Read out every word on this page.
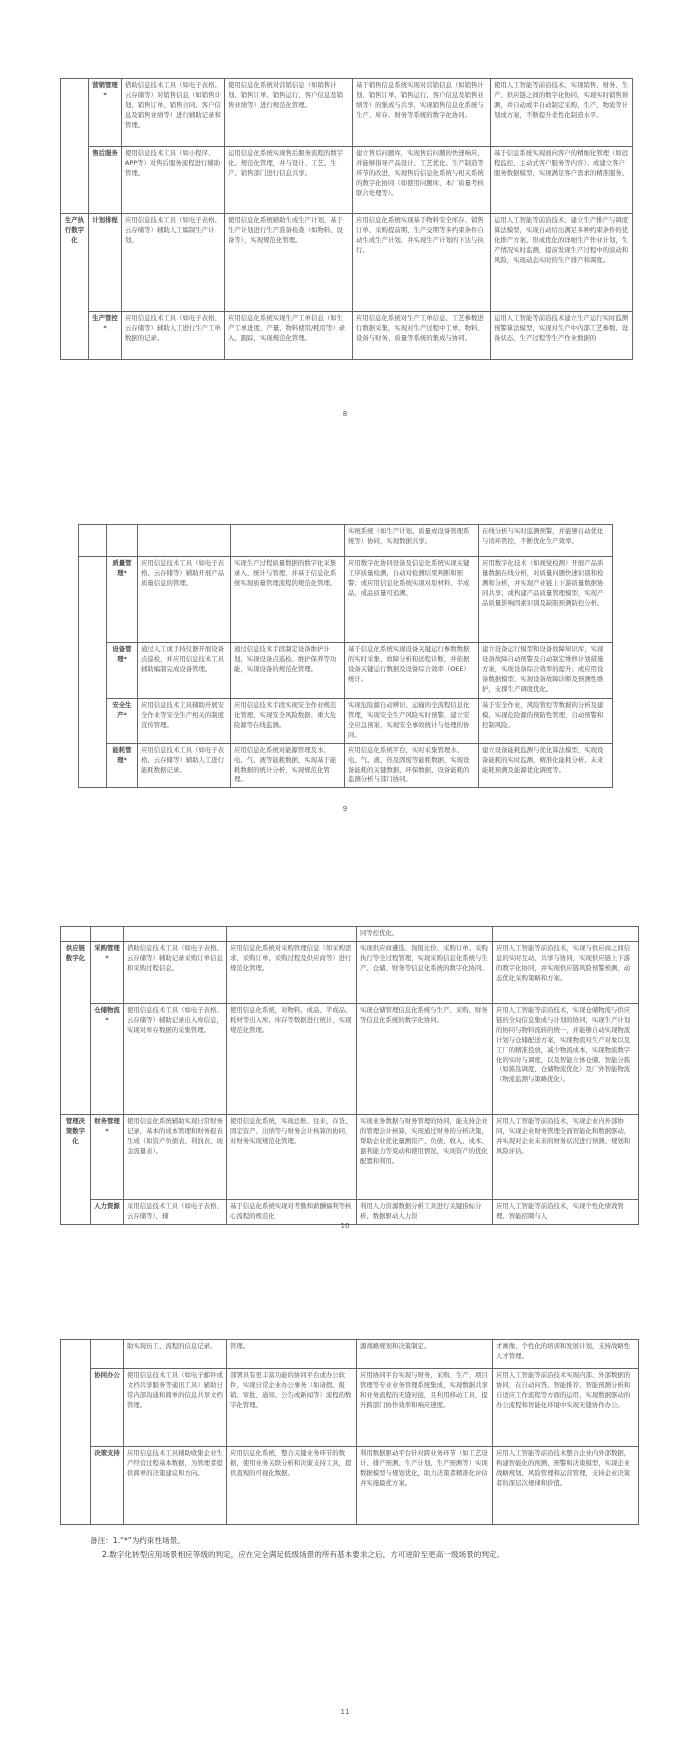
	营销管理*	借助信息技术工具（如电子表格、云存储等）对销售信息（如销售计划、销售订单、销售合同、客户信息及销售业绩等）进行辅助记录和管理。	使用信息化系统对营销信息（如销售计划、销售订单、销售运行、客户信息及销售业绩等）进行规范化管理。	基于销售信息系统实现对营销信息（如销售计划、销售订单、销售运行、客户信息及销售业绩等）的集成与共享，实现销售信息化系统与生产、库存、财务等系统的数字化协同。	使用人工智能等前沿技术，实现销售、财务、生产、供应链之间的数字化协同，实现实时销售预测，并自动或半自动制定采购、生产、物流等计划或方案，不断提升柔性化制造水平。
	售后服务	使用信息技术工具（如小程序、APP等）对售后服务流程进行辅助管理。	运用信息化系统实现售后服务流程的数字化、规范化管理，并与设计、工艺、生产、销售部门进行信息共享。	建立售后问题库，实现售后问题的快速响应，并能够指导产品设计、工艺优化、生产制造等环节的改进，实现售后信息化系统与相关系统的数字化协同（如使用问题库、本厂质量考核联合处理等）。	基于信息系统实现面向客户的精细化管理（如远程监控、主动式客户服务等内容）；或建立客户服务数据模型，实现满足客户需求的精准服务。
生产执行数字化	计划排程	应用信息技术工具（如电子表格、云存储等）辅助人工编制生产计划。	使用信息化系统辅助生成生产计划，基于生产计划进行生产准备检查（如物料、设备等），实现规范化管理。	应用信息化系统实现基于物料安全库存、销售订单、采购提前期、生产交期等多约束条件自动生成生产计划，并实现生产计划的下达与执行。	运用人工智能等前沿技术，建立生产排产与调度算法模型，实现自动给出满足多种约束条件的优化排产方案，形成优化的详细生产作业计划，生产情况实时监测，提前发现生产过程中的波动和风险，实现动态实时的生产排产和调度。
	生产管控*	应用信息技术工具（如电子表格、云存储等）辅助人工进行生产工单数据的记录。	应用信息化系统实现生产工单信息（如生产工单进度、产量、物料使用/耗用等）录入、跟踪，实现规范化管理。	应用信息化系统对生产工单信息、工艺参数进行数据采集，实现对生产过程中工单、物料、设备与财务、质量等系统的集成与协同。	运用人工智能等前沿技术建立生产运行实时监测预警算法模型，实现对生产中内部工艺参数、设备状态、生产过程等生产作业数据的
8
				实统系统（如生产计划、质量或设备管理系统等）协同，实现数据共享。	在线分析与实时监测预警，并能够自动优化与闭环管控，不断优化生产效率。
	质量管理*	应用信息技术工具（如电子表格、云存储等）辅助开展产品质量信息的管理。	实现生产过程质量数据的数字化采集录入、统计与管理，并基于信息化系统实现质量管理流程的规范化管理。	应用数字化协同设备及信息化系统实现关键工序质量检测，自动对检测结果判断和预警；或应用信息化系统实现对原材料、半成品、成品质量可追溯。	应用数字化技术（如视觉检测）开展产品质量数据在线分析，对质量问题快速识别和检测和分析，并实现产业链上下游质量数据协同共享；或构建产品质量管理模型，实现产品质量影响因素识别及缺陷预测防控分析。
	设备管理*	通过人工或手持仪器开展设备点巡检，并应用信息技术工具辅助编制完成设备管理。	通过信息技术手段制定设备维护计划，实现设备点巡检、维护保养等功能，实现设备的规范化管理。	基于信息化系统实现设备关键运行参数数据的实时采集、故障分析和远程诊断，并依据设备关键运行数据及设备综合效率（OEE）统计。	建立设备运行模型和设备故障知识库，实现设备故障自动预警及自动制定维修计划措施方案，实现设备综合效率的提升；或应用设备数据模型，实现设备故障诊断及预测性维护，支撑生产调度优化。
	安全生产*	应用信息技术工具辅助开展安全作业等安全生产相关的制度宣传管理。	应用信息技术手段实现安全作业规范化管理，实现安全风险数据、重大危险源等在线监测。	实现危险源自动辨识、运输的全流程信息化管理，实现安全生产风险实时预警，建立安全应急预案，实现安全事故统计与处理的协同。	基于安全作业、风险管控等数据的分析及建模，实现危险源的预防性管理，自动预警和控制风险。
	能耗管理*	应用信息技术工具（如电子表格、云存储等）辅助人工进行能耗数据记录。	应用信息化系统对能源管理及水、电、气、液等能耗数据，实现基于能耗数据的统计分析，实现规范化管理。	应用信息化系统平台，实时采集管理水、电、气、液、热及固废等能耗数据，实现设备能耗的关键数据、环保数据、设备能耗的监测分析与部门协同。	建立设备能耗监测与优化算法模型，实现设备能耗的实时监测，精准化能耗分析、未来能耗预测及能源优化调度等。
9
				同等控优化。	
供应链数字化	采购管理*	借助信息技术工具（如电子表格、云存储等）辅助记录采购订单信息和采购过程信息。	应用信息化系统对采购管理信息（如采购需求、采购订单、采购过程及供应商等）进行规范化管理。	实现供应商遴选、询报比价、采购订单、采购执行等全过程管理，实现采购信息化系统与生产、仓储、财务等信息化系统的数字化协同。	应用人工智能等前沿技术，实现与供应商之间信息的实时互动、共享与协同，实现供应链上下游的数字化协同，并实现供应链风险预警预测、动态优化采购策略和方案。
	仓储物流*	使用信息技术工具（如电子表格、云存储等）辅助记录出入库信息，实现对库存数据的采集管理。	使用信息化系统，对物料、成品、半成品、耗材等出入库、库存等数据进行统计，实现规范化管理。	实现仓储管理信息化系统与生产、采购、财务等信息化系统的数字化协同。	应用人工智能等前沿技术，实现仓储物流与供应链的全局信息集成与计划的协同，实现生产计划的协同与物料流转的统一，并能够自动实现物流计划与仓储配送方案，实现物流对生产对象以及工厂的精准投放，减少物流成本，实现物流数字化的实时与调度，以及智能立体仓储、智能分拣（如拣选调度、仓储物流优化）及厂外智能物流（物流监测与策略优化）。
管理决策数字化	财务管理*	使用信息化系统辅助实现日常财务记录，基本的成本管理和财务报表生成（如资产负债表、利润表、现金流量表）。	使用信息化系统，实现总账、往来、存货、固定资产、出纳等与财务会计核算的协同，对财务实现规范化管理。	实现业务数据与财务管理的协同，能支持企业的管理会计核算，实现通过财务的分析决策，帮助企业优化量测资产、负债、收入、成本、盈利能力等变动和使用情况，实现资产的优化配置和利用。	应用人工智能等前沿技术，实现企业内外部协同，实现企业财务管理全面智能化和数据驱动，并实现对企业未来的财务状况进行预测、规划和风险评估。
	人力资源	采用信息技术工具（如电子表格、云存储等），辅	基于信息化系统实现对考勤和薪酬福利等核心流程的规范化	利用人力资源数据分析工具进行关键指标分析、数据驱动人力资	应用人工智能等前沿技术，实现个性化绩效管理、智能招聘与人
10
		助实现员工、流程的信息记录。	管理。	源战略规划和决策制定。	才画像、个性化的培训和发展计划，支持战略性人才管理。
	协同办公	使用信息技术工具（如电子邮件或文档共享服务等通讯工具）辅助日常内部沟通和简单的信息共享文档管理。	部署具有更丰富功能的协同平台或办公软件，实现日常企业办公事务（如请假、报销、审批、通知、公告或新闻等）流程的数字化管理。	应用协同平台实现与财务、采购、生产、项目管理等专业业务管理系统集成，实现数据共享和业务流程的无缝对接，且利用移动工具，提升跨部门协作效率和响应速度。	应用人工智能等前沿技术实现内部、外部数据的协同，在自动问答、智能推荐、智能预测分析和自适应工作流程等方面的运用，实现数据驱动的办公流程和智能化环境中实现无缝协作办公。
	决策支持	应用信息技术工具辅助收集企业生产经营过程基本数据，为管理者提供简单的决策建议和方向。	应用信息化系统，整合关键业务环节的数据，使用业务关联分析和决策支持工具，提供直观的可视化数据。	利用数据驱动平台针对跨业务环节（如工艺设计、排产预测、生产计划、生产预测等）实现数据模型与规划优化，助力决策者精准化评估并实施最优方案。	应用人工智能等前沿技术整合企业内外部数据，构建智能化的预测、预警和决策模型，实现企业战略规划、风险管理和运营管理，支持企业决策者的深层次规律和价值。
备注：1.“*”为约束性场景。
2.数字化转型应用场景相应等级的判定，应在完全满足低级场景的所有基本要求之后，方可进阶至更高一级场景的判定。
11
